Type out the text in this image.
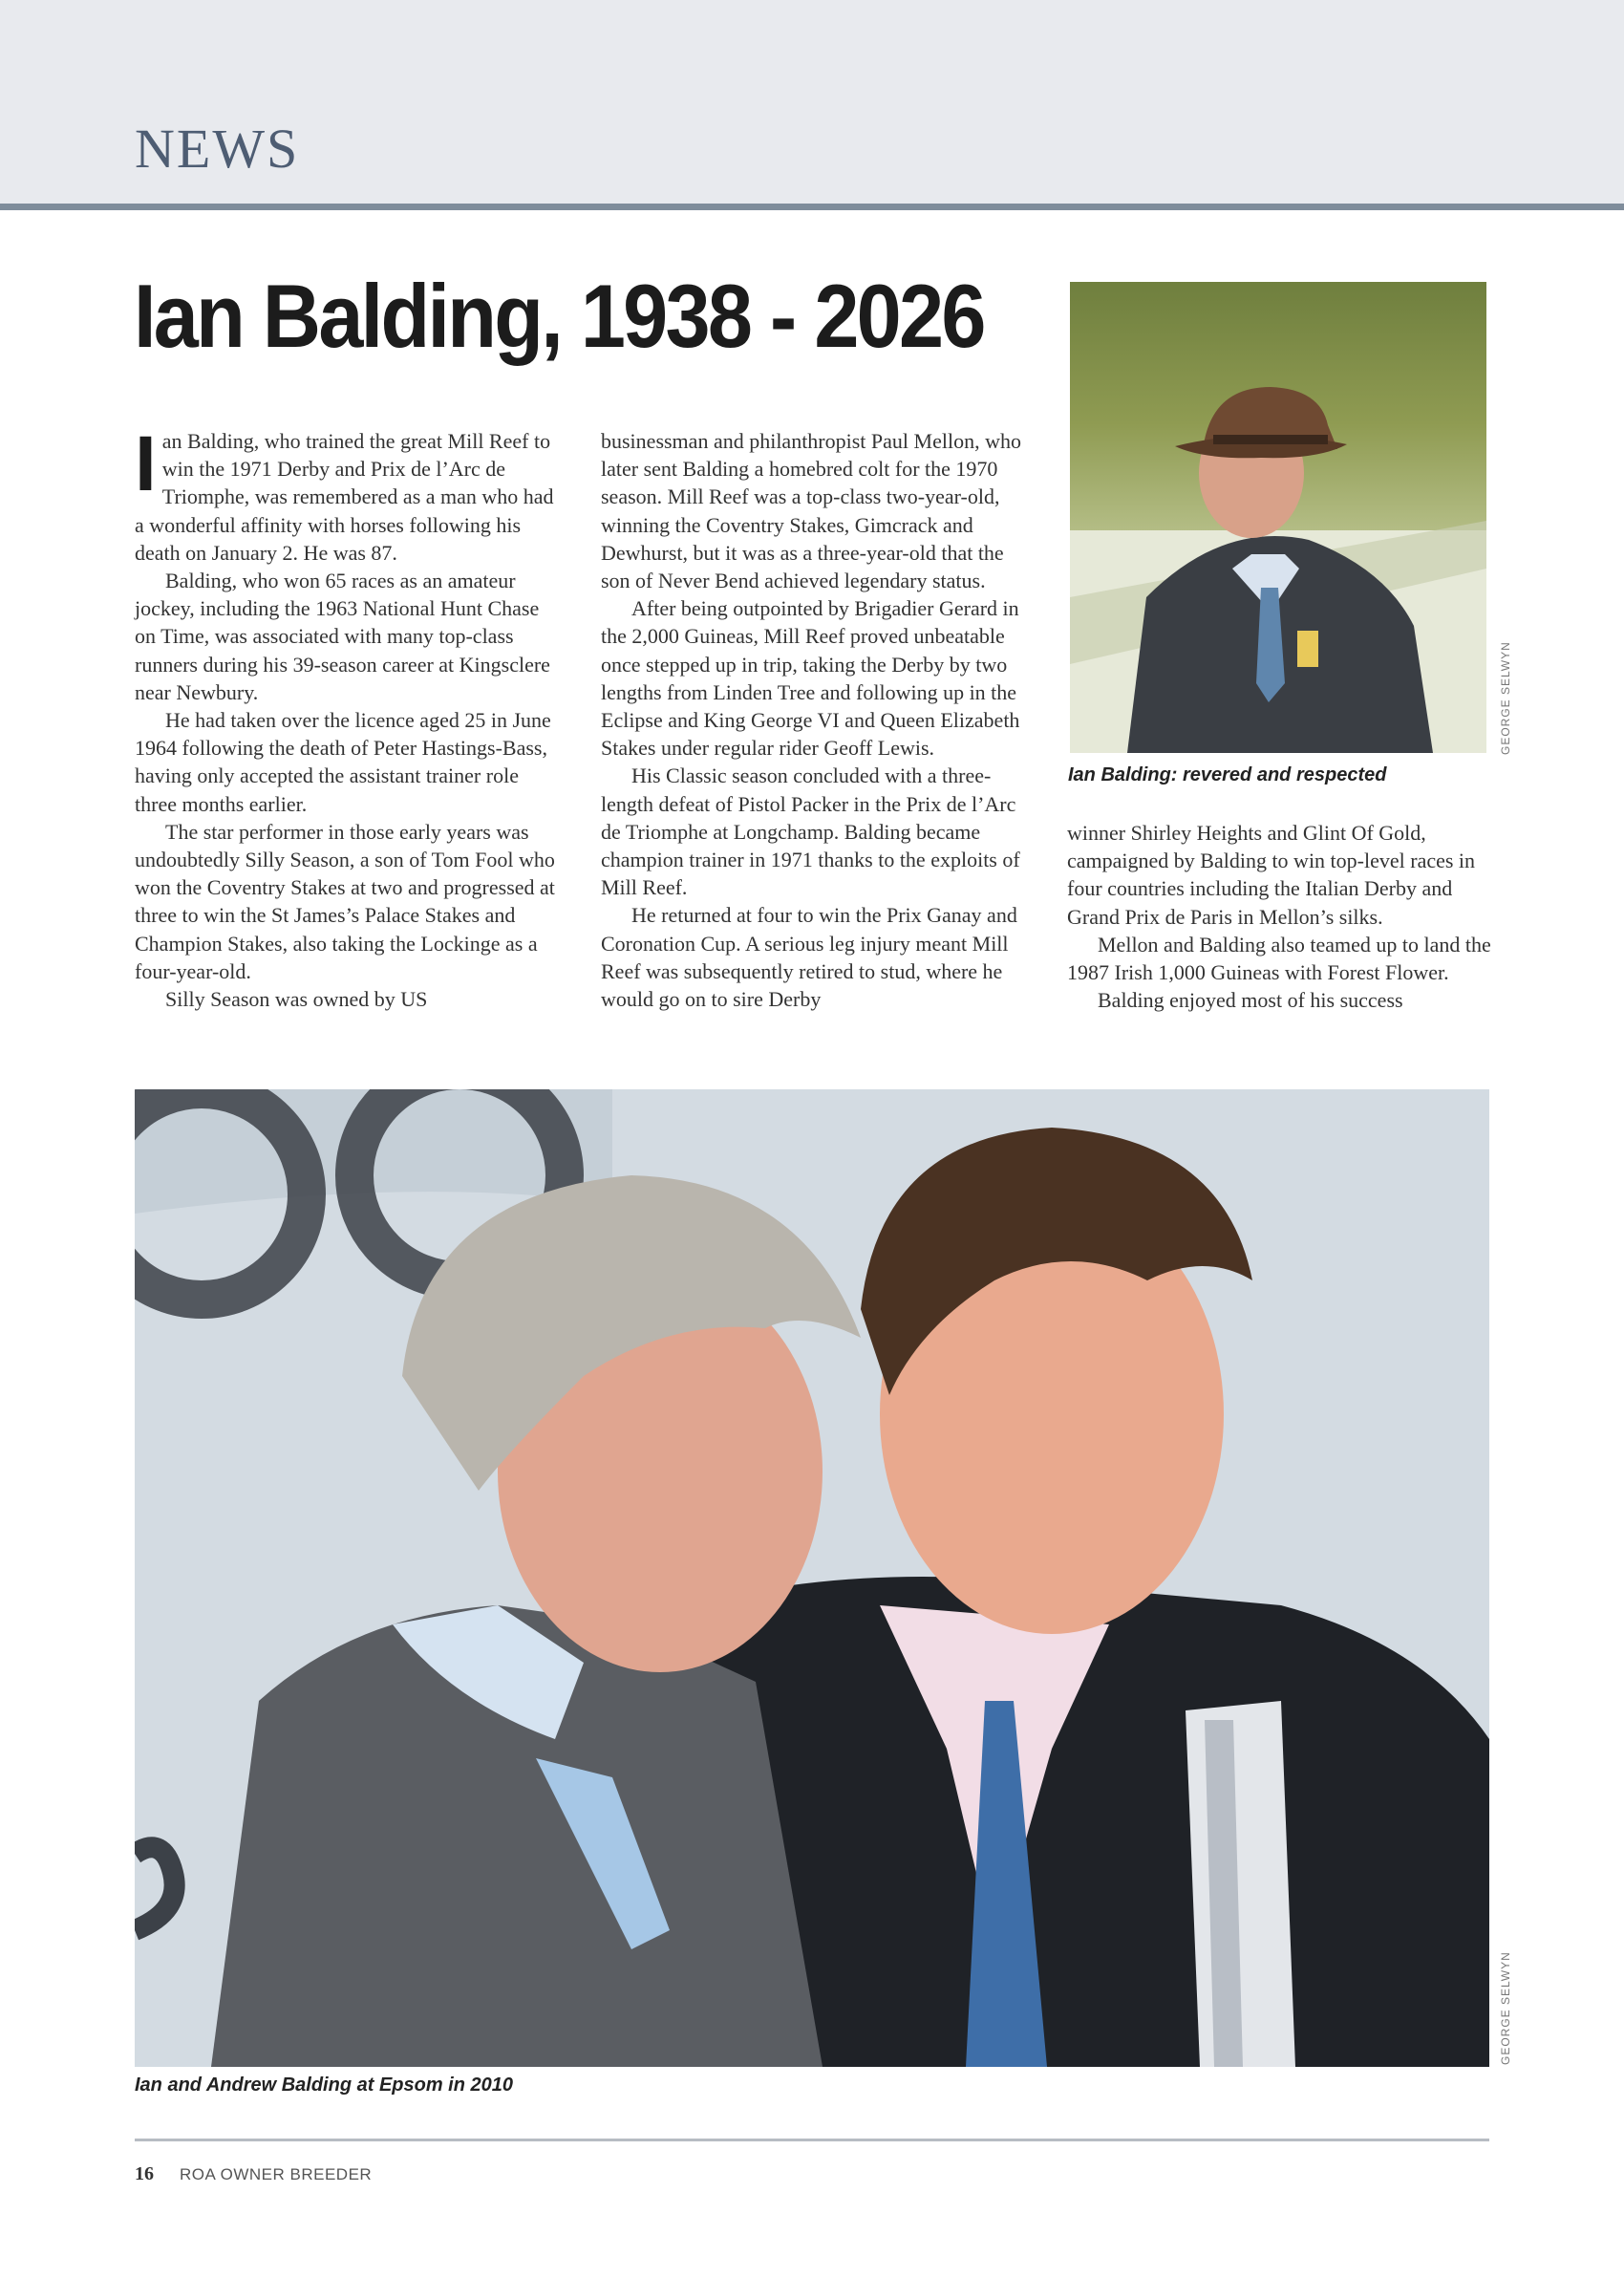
NEWS
Ian Balding, 1938 - 2026

Ian Balding, who trained the great Mill Reef to win the 1971 Derby and Prix de l’Arc de Triomphe, was remembered as a man who had a wonderful affinity with horses following his death on January 2. He was 87.

Balding, who won 65 races as an amateur jockey, including the 1963 National Hunt Chase on Time, was associated with many top-class runners during his 39-season career at Kingsclere near Newbury.

He had taken over the licence aged 25 in June 1964 following the death of Peter Hastings-Bass, having only accepted the assistant trainer role three months earlier.

The star performer in those early years was undoubtedly Silly Season, a son of Tom Fool who won the Coventry Stakes at two and progressed at three to win the St James’s Palace Stakes and Champion Stakes, also taking the Lockinge as a four-year-old.

Silly Season was owned by US

businessman and philanthropist Paul Mellon, who later sent Balding a homebred colt for the 1970 season. Mill Reef was a top-class two-year-old, winning the Coventry Stakes, Gimcrack and Dewhurst, but it was as a three-year-old that the son of Never Bend achieved legendary status.

After being outpointed by Brigadier Gerard in the 2,000 Guineas, Mill Reef proved unbeatable once stepped up in trip, taking the Derby by two lengths from Linden Tree and following up in the Eclipse and King George VI and Queen Elizabeth Stakes under regular rider Geoff Lewis.

His Classic season concluded with a three-length defeat of Pistol Packer in the Prix de l’Arc de Triomphe at Longchamp. Balding became champion trainer in 1971 thanks to the exploits of Mill Reef.

He returned at four to win the Prix Ganay and Coronation Cup. A serious leg injury meant Mill Reef was subsequently retired to stud, where he would go on to sire Derby

Ian Balding: revered and respected
GEORGE SELWYN

winner Shirley Heights and Glint Of Gold, campaigned by Balding to win top-level races in four countries including the Italian Derby and Grand Prix de Paris in Mellon’s silks.

Mellon and Balding also teamed up to land the 1987 Irish 1,000 Guineas with Forest Flower.

Balding enjoyed most of his success

Ian and Andrew Balding at Epsom in 2010
GEORGE SELWYN
16 ROA OWNER BREEDER
